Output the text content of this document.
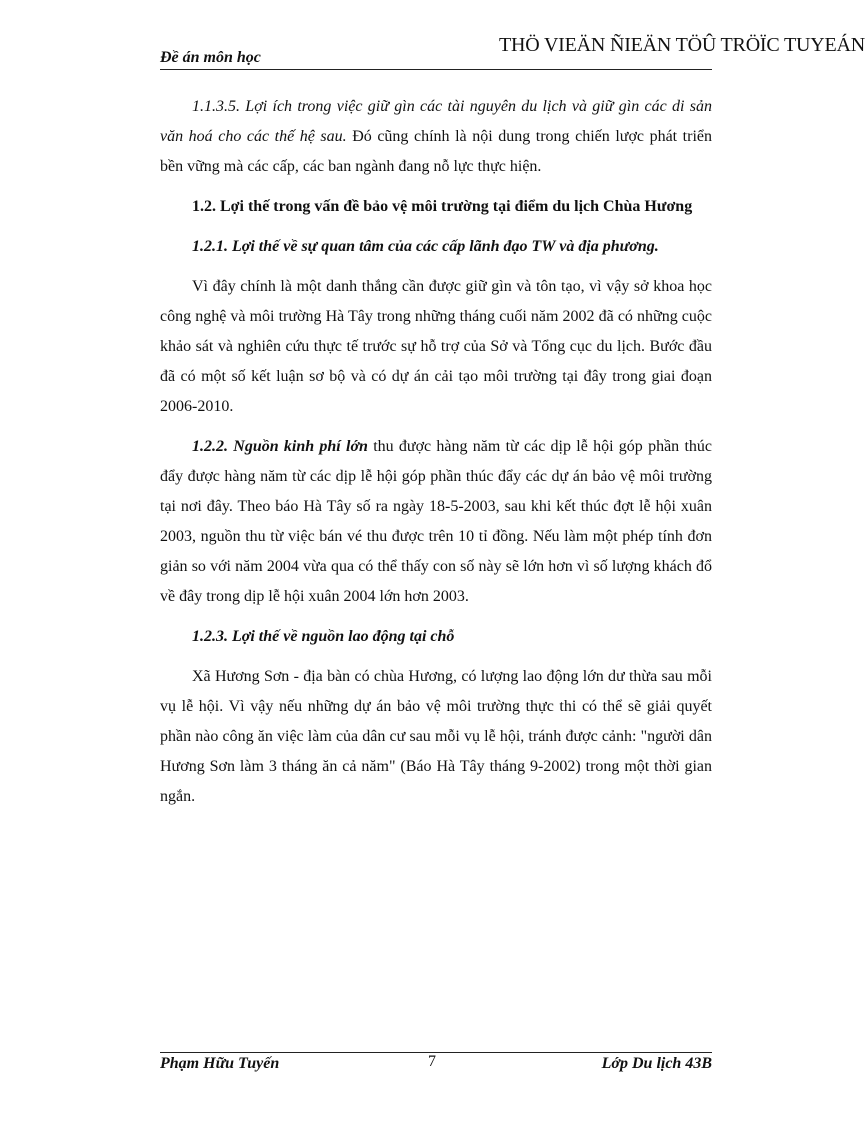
THÖ VIEÄN ÑIEÄN TÖÛ TRÖÏC TUYEÁN
Đề án môn học

1.1.3.5. Lợi ích trong việc giữ gìn các tài nguyên du lịch và giữ gìn các di sản văn hoá cho các thế hệ sau. Đó cũng chính là nội dung trong chiến lược phát triển bền vững mà các cấp, các ban ngành đang nỗ lực thực hiện.

1.2. Lợi thế trong vấn đề bảo vệ môi trường tại điểm du lịch Chùa Hương

1.2.1. Lợi thế về sự quan tâm của các cấp lãnh đạo TW và địa phương.

Vì đây chính là một danh thắng cần được giữ gìn và tôn tạo, vì vậy sở khoa học công nghệ và môi trường Hà Tây trong những tháng cuối năm 2002 đã có những cuộc khảo sát và nghiên cứu thực tế trước sự hỗ trợ của Sở và Tổng cục du lịch. Bước đầu đã có một số kết luận sơ bộ và có dự án cải tạo môi trường tại đây trong giai đoạn 2006-2010.

1.2.2. Nguồn kinh phí lớn thu được hàng năm từ các dịp lễ hội góp phần thúc đẩy được hàng năm từ các dịp lễ hội góp phần thúc đẩy các dự án bảo vệ môi trường tại nơi đây. Theo báo Hà Tây số ra ngày 18-5-2003, sau khi kết thúc đợt lễ hội xuân 2003, nguồn thu từ việc bán vé thu được trên 10 tỉ đồng. Nếu làm một phép tính đơn giản so với năm 2004 vừa qua có thể thấy con số này sẽ lớn hơn vì số lượng khách đổ về đây trong dịp lễ hội xuân 2004 lớn hơn 2003.

1.2.3. Lợi thế về nguồn lao động tại chỗ

Xã Hương Sơn - địa bàn có chùa Hương, có lượng lao động lớn dư thừa sau mỗi vụ lễ hội. Vì vậy nếu những dự án bảo vệ môi trường thực thi có thể sẽ giải quyết phần nào công ăn việc làm của dân cư sau mỗi vụ lễ hội, tránh được cảnh: "người dân Hương Sơn làm 3 tháng ăn cả năm" (Báo Hà Tây tháng 9-2002) trong một thời gian ngắn.

Phạm Hữu Tuyến	7	Lớp Du lịch 43B
